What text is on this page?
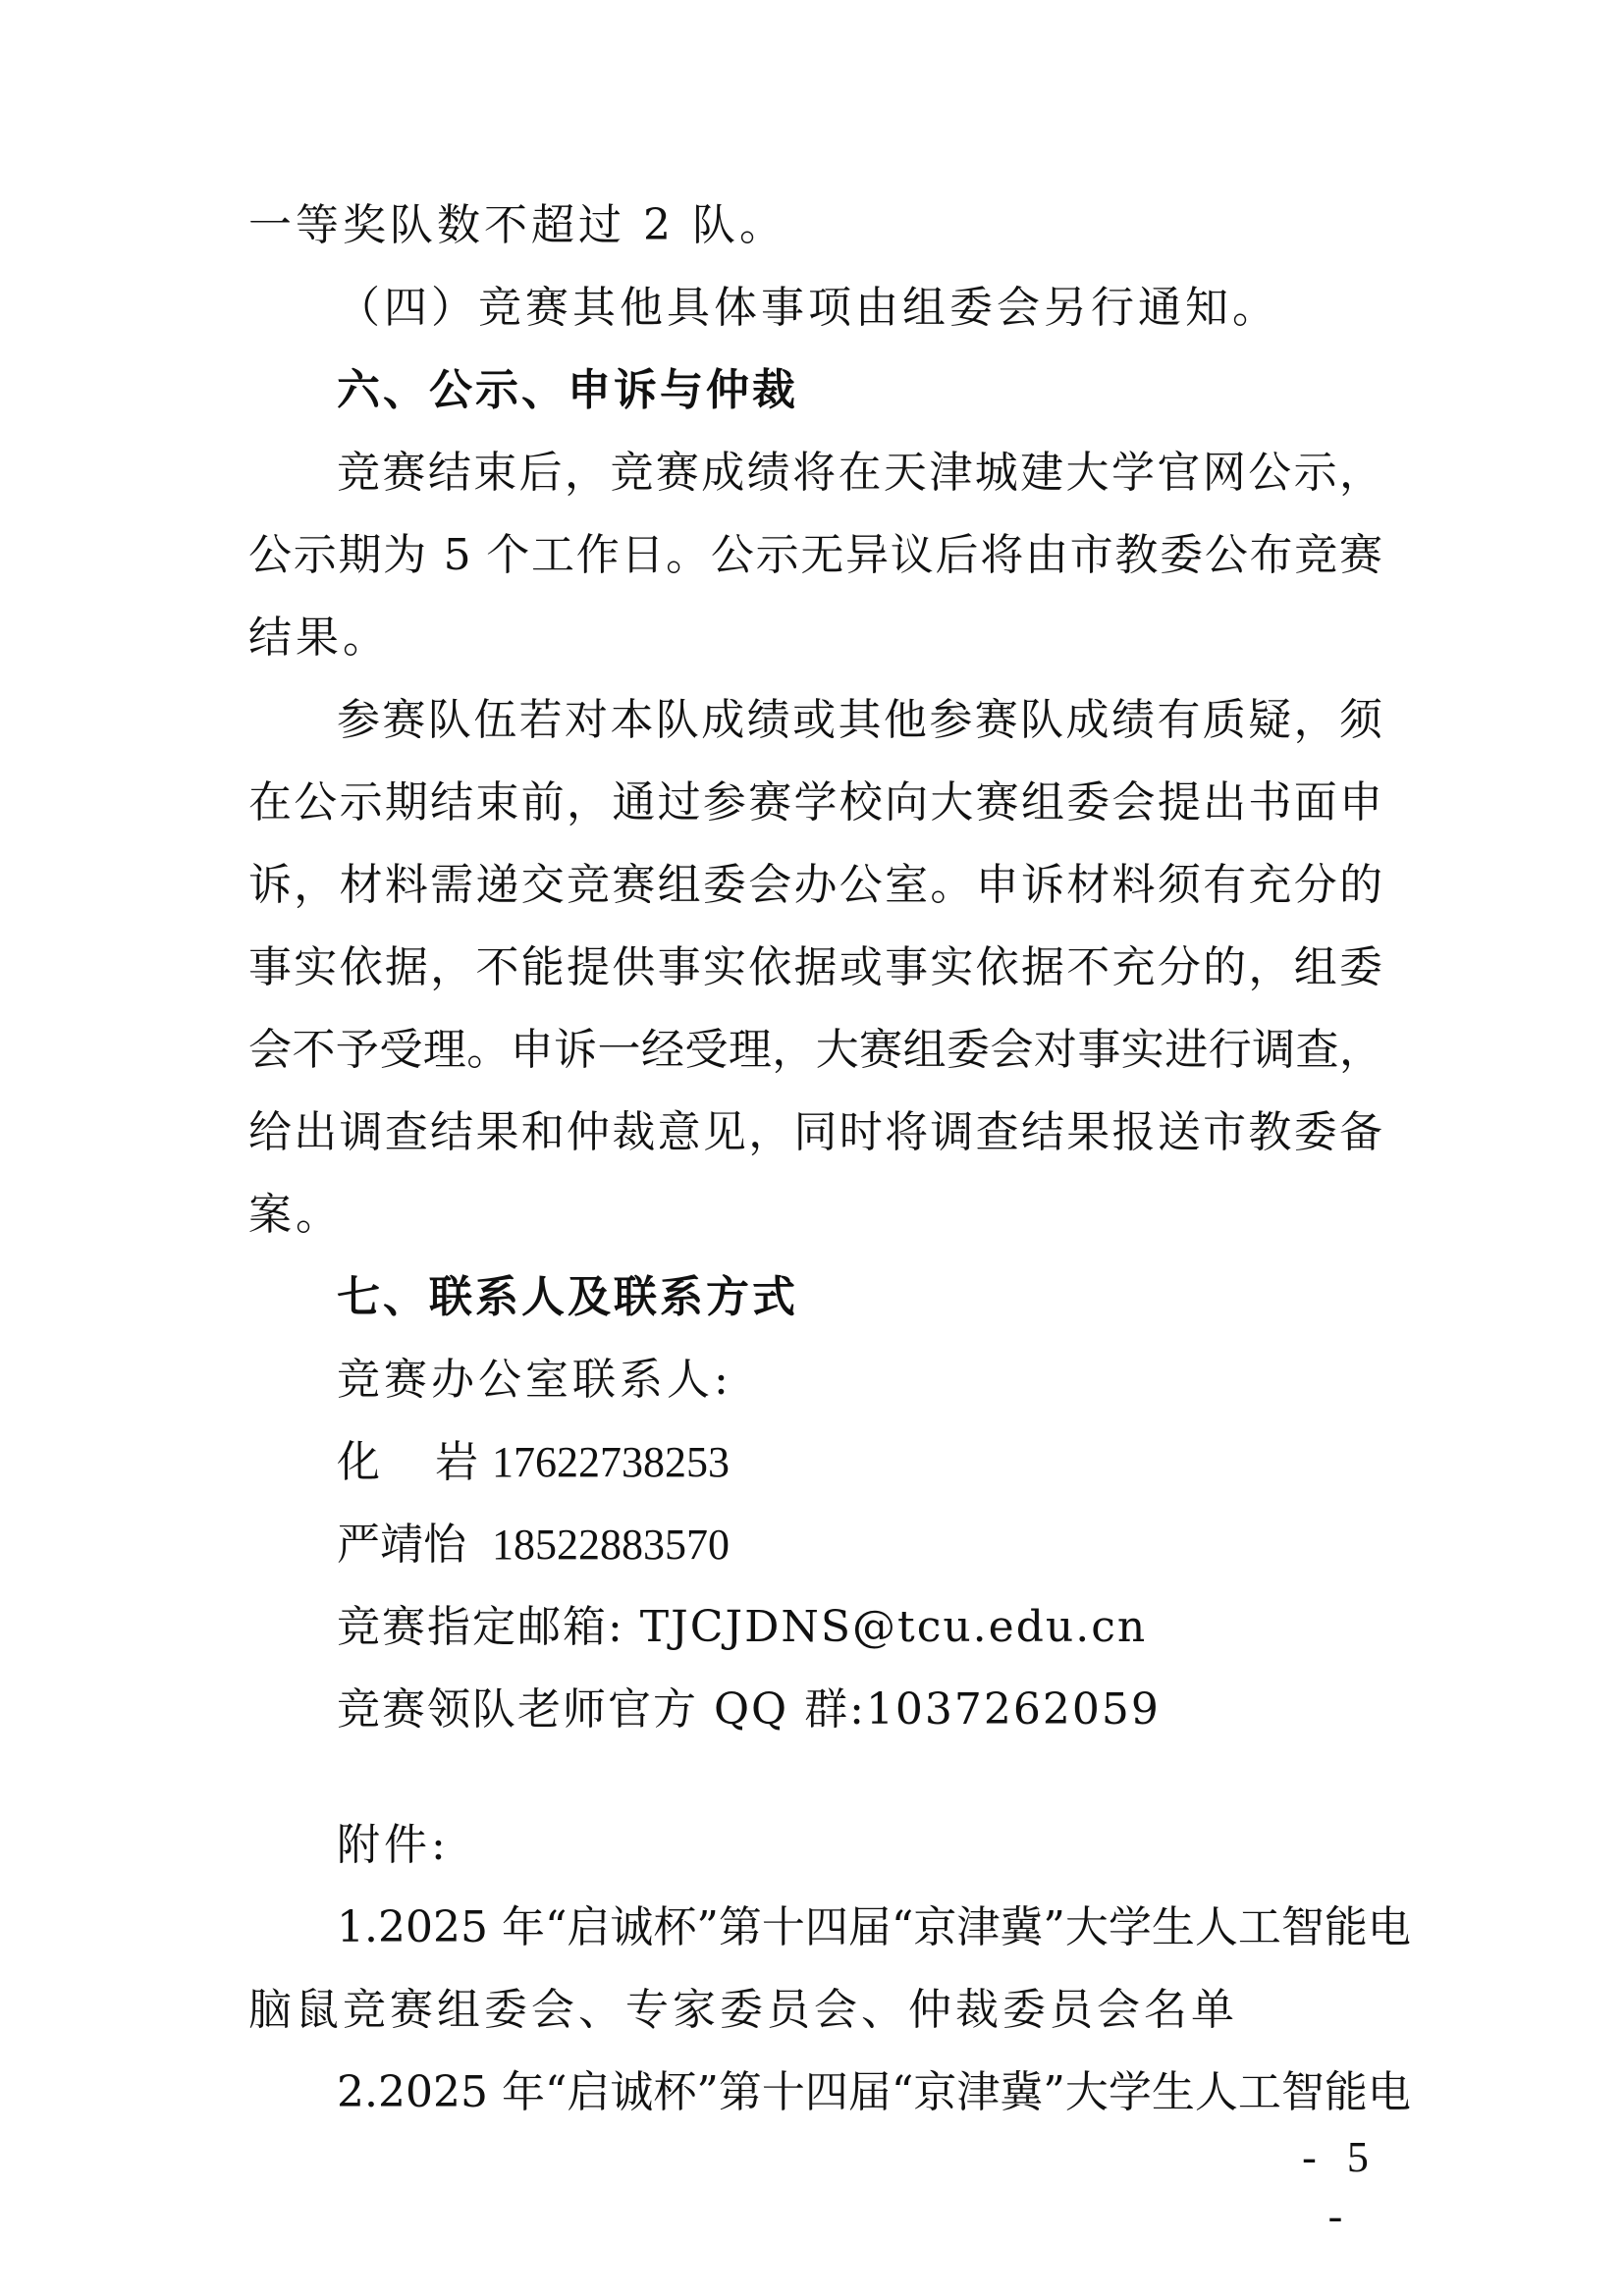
一等奖队数不超过 2 队。
（四）竞赛其他具体事项由组委会另行通知。
六、公示、申诉与仲裁
竞赛结束后，竞赛成绩将在天津城建大学官网公示，
公示期为 5 个工作日。公示无异议后将由市教委公布竞赛
结果。
参赛队伍若对本队成绩或其他参赛队成绩有质疑，须
在公示期结束前，通过参赛学校向大赛组委会提出书面申
诉，材料需递交竞赛组委会办公室。申诉材料须有充分的
事实依据，不能提供事实依据或事实依据不充分的，组委
会不予受理。申诉一经受理，大赛组委会对事实进行调查，
给出调查结果和仲裁意见，同时将调查结果报送市教委备
案。
七、联系人及联系方式
竞赛办公室联系人:
化岩 17622738253
严靖怡 18522883570
竞赛指定邮箱: TJCJDNS@tcu.edu.cn
竞赛领队老师官方 QQ 群:1037262059
附件:
1.2025 年“启诚杯”第十四届“京津冀”大学生人工智能电
脑鼠竞赛组委会、专家委员会、仲裁委员会名单
2.2025 年“启诚杯”第十四届“京津冀”大学生人工智能电
- 5 -
